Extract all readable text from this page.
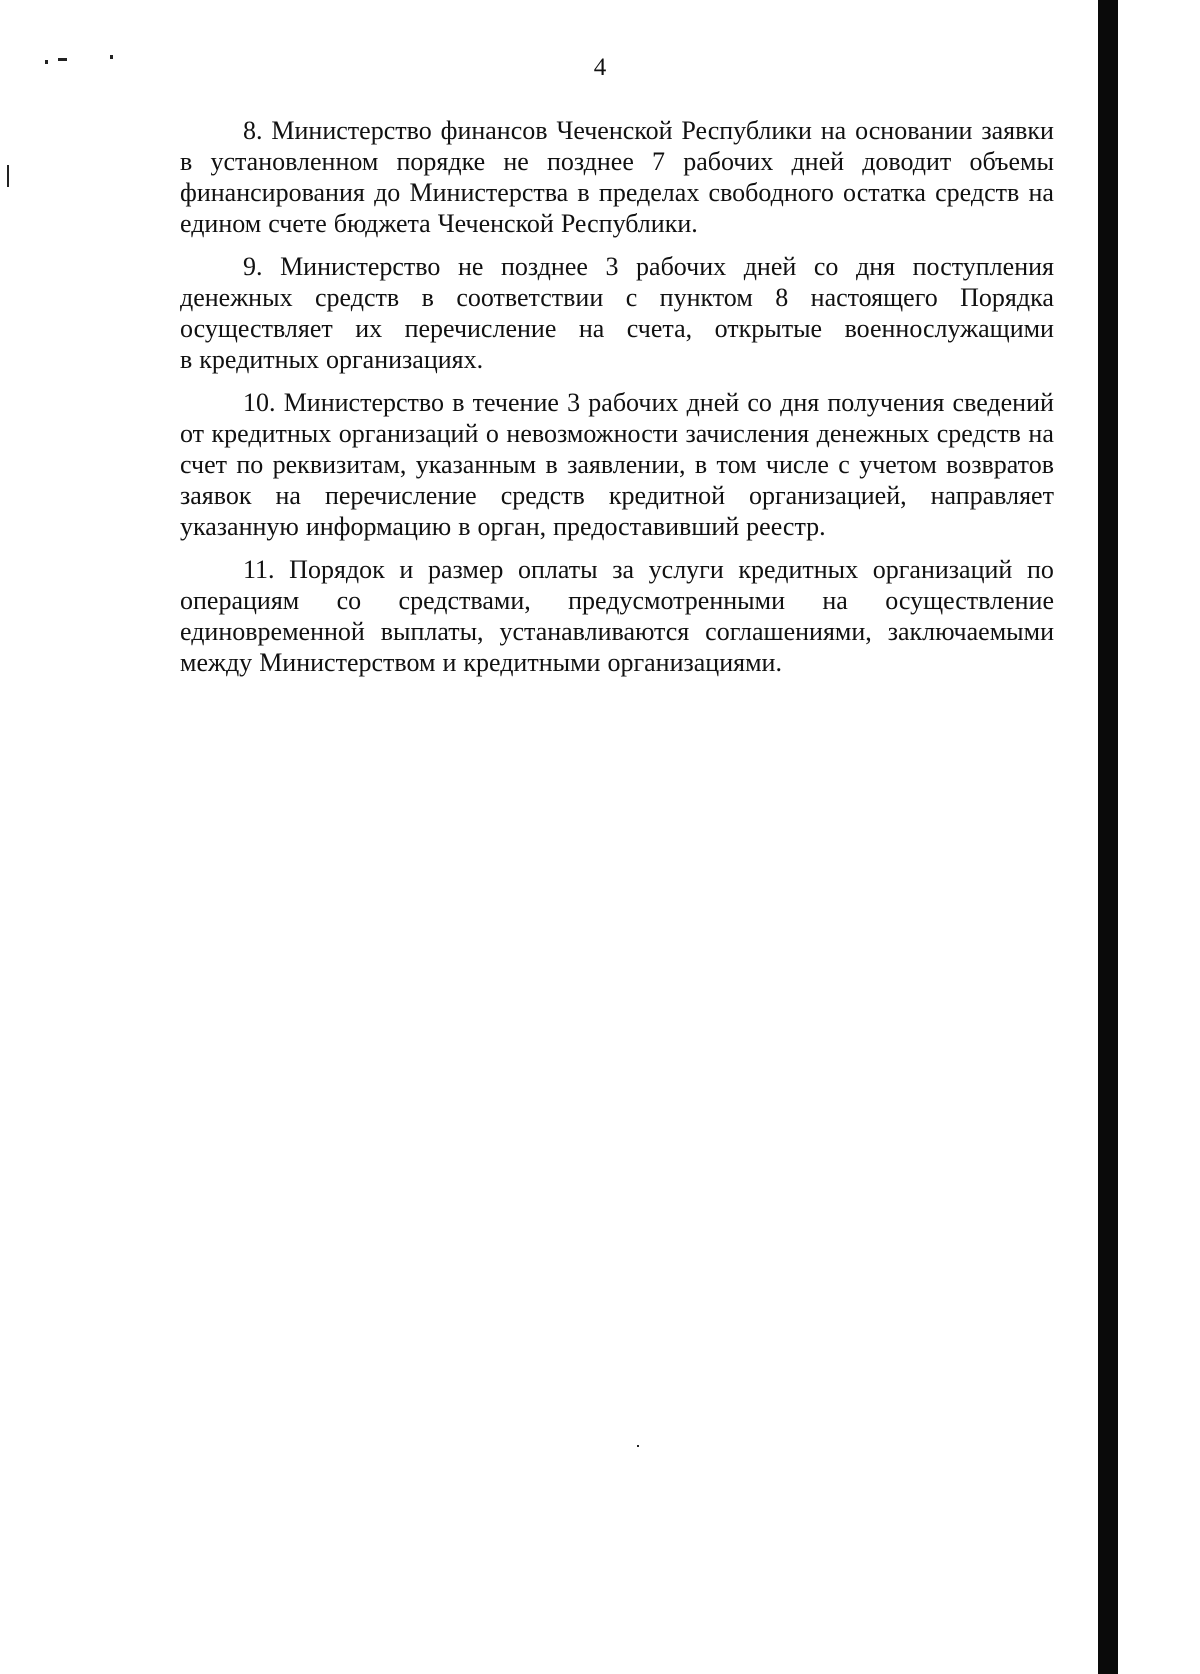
4
8. Министерство финансов Чеченской Республики на основании заявки
в установленном порядке не позднее 7 рабочих дней доводит объемы
финансирования до Министерства в пределах свободного остатка средств на
едином счете бюджета Чеченской Республики.
9. Министерство не позднее 3 рабочих дней со дня поступления
денежных средств в соответствии с пунктом 8 настоящего Порядка
осуществляет их перечисление на счета, открытые военнослужащими
в кредитных организациях.
10. Министерство в течение 3 рабочих дней со дня получения сведений
от кредитных организаций о невозможности зачисления денежных средств на
счет по реквизитам, указанным в заявлении, в том числе с учетом возвратов
заявок на перечисление средств кредитной организацией, направляет
указанную информацию в орган, предоставивший реестр.
11. Порядок и размер оплаты за услуги кредитных организаций по
операциям со средствами, предусмотренными на осуществление
единовременной выплаты, устанавливаются соглашениями, заключаемыми
между Министерством и кредитными организациями.
